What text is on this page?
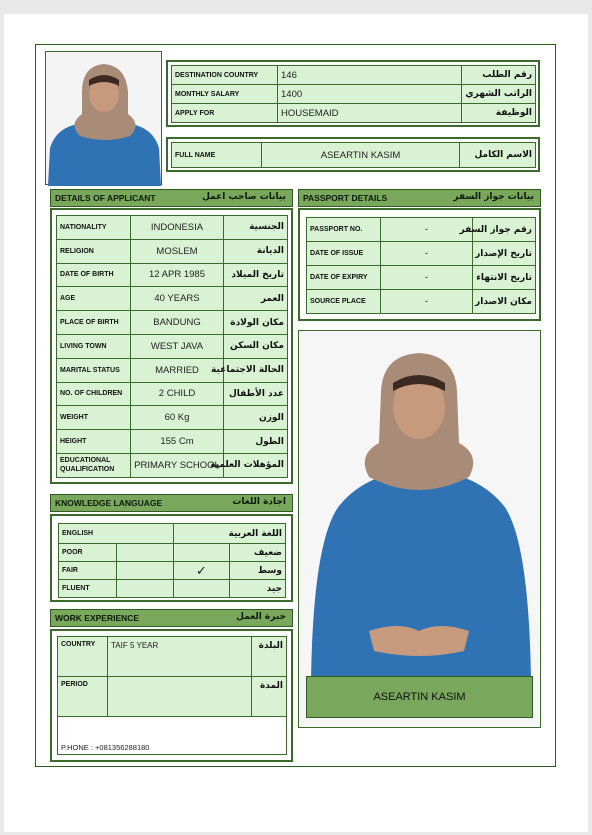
DESTINATION COUNTRY	146	رقم الطلب
MONTHLY SALARY	1400	الراتب الشهري
APPLY FOR	HOUSEMAID	الوظيفة
FULL NAME	ASEARTIN KASIM	الاسم الكامل
DETAILS OF APPLICANT	بيانات صاحب اعمل
NATIONALITY	INDONESIA	الجنسية
RELIGION	MOSLEM	الديانة
DATE OF BIRTH	12 APR 1985	تاريخ الميلاد
AGE	40 YEARS	العمر
PLACE OF BIRTH	BANDUNG	مكان الولادة
LIVING TOWN	WEST JAVA	مكان السكن
MARITAL STATUS	MARRIED	الحالة الاجتماعية
NO. OF CHILDREN	2 CHILD	عدد الأطفال
WEIGHT	60 Kg	الوزن
HEIGHT	155 Cm	الطول
EDUCATIONAL QUALIFICATION	PRIMARY SCHOOL	المؤهلات العلمية
PASSPORT DETAILS	بيانات جواز السفر
PASSPORT NO.	-	رقم جواز السفر
DATE OF ISSUE	-	تاريخ الإصدار
DATE OF EXPIRY	-	تاريخ الانتهاء
SOURCE PLACE	-	مكان الاصدار
ASEARTIN KASIM
KNOWLEDGE LANGUAGE	اجادة اللغات
ENGLISH		اللغة العربية	
POOR			ضعيف
FAIR		✓	وسط
FLUENT			جيد
WORK EXPERIENCE	خبرة العمل
COUNTRY	TAIF 5 YEAR	البلدة
PERIOD		المدة
P.HONE : +081356288180		
